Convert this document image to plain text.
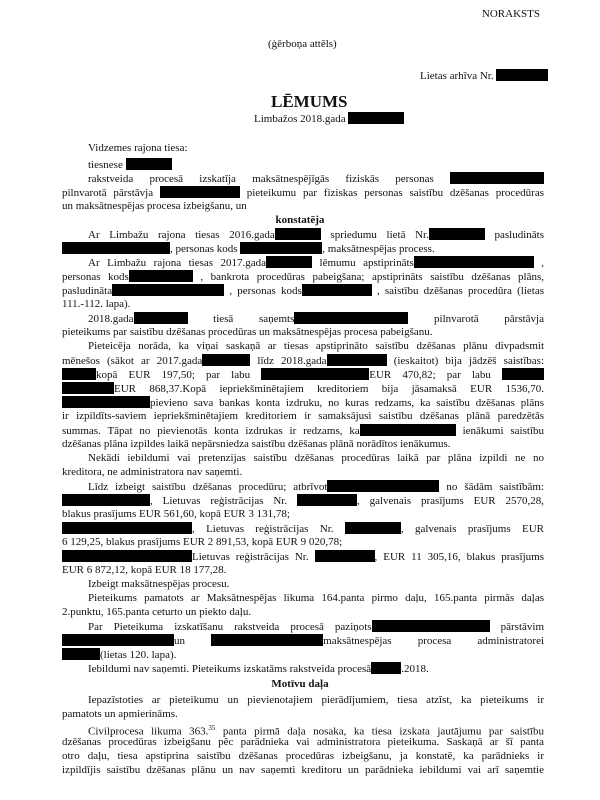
NORAKSTS
(ģērboņa attēls)
Lietas arhīva Nr.
LĒMUMS
Limbažos 2018.gada
Vidzemes rajona tiesa:
tiesnese
rakstveida procesā izskatīja maksātnespējīgās fiziskās personas
pilnvarotā pārstāvja	pieteikumu par fiziskas personas saistību dzēšanas procedūras
un maksātnespējas procesa izbeigšanu, un
konstatēja
Ar Limbažu rajona tiesas 2016.gada	spriedumu lietā Nr.	pasludināts
, personas kods	, maksātnespējas process.
Ar Limbažu rajona tiesas 2017.gada	lēmumu apstiprināts	,
personas kods	, bankrota procedūras pabeigšana; apstiprināts saistību dzēšanas plāns,
pasludināta	, personas kods	, saistību dzēšanas procedūra (lietas
111.-112. lapa).
2018.gada	tiesā saņemts	pilnvarotā pārstāvja
pieteikums par saistību dzēšanas procedūras un maksātnespējas procesa pabeigšanu.
Pieteicēja norāda, ka viņai saskaņā ar tiesas apstiprināto saistību dzēšanas plānu divpadsmit
mēnešos (sākot ar 2017.gada	līdz 2018.gada	(ieskaitot) bija jādzēš saistības:
kopā EUR 197,50; par labu	EUR 470,82; par labu
EUR 868,37.Kopā iepriekšminētajiem kreditoriem bija jāsamaksā EUR 1536,70.
pievieno sava bankas konta izdruku, no kuras redzams, ka saistību dzēšanas plāns
ir izpildīts-saviem iepriekšminētajiem kreditoriem ir samaksājusi saistību dzēšanas plānā paredzētās
summas. Tāpat no pievienotās konta izdrukas ir redzams, ka	ienākumi saistību
dzēšanas plāna izpildes laikā nepārsniedza saistību dzēšanas plānā norādītos ienākumus.
Nekādi iebildumi vai pretenzijas saistību dzēšanas procedūras laikā par plāna izpildi ne no
kreditora, ne administratora nav saņemti.
Līdz izbeigt saistību dzēšanas procedūru; atbrīvot	no šādām saistībām:
, Lietuvas reģistrācijas Nr.	, galvenais prasījums EUR 2570,28,
blakus prasījums EUR 561,60, kopā EUR 3 131,78;
, Lietuvas reģistrācijas Nr.	, galvenais prasījums EUR
6 129,25, blakus prasījums EUR 2 891,53, kopā EUR 9 020,78;
Lietuvas reģistrācijas Nr.	, EUR 11 305,16, blakus prasījums
EUR 6 872,12, kopā EUR 18 177,28.
Izbeigt maksātnespējas procesu.
Pieteikums pamatots ar Maksātnespējas likuma 164.panta pirmo daļu, 165.panta pirmās daļas
2.punktu, 165.panta ceturto un piekto daļu.
Par Pieteikuma izskatīšanu rakstveida procesā paziņots	pārstāvim
un	maksātnespējas procesa administratorei
(lietas 120. lapa).
Iebildumi nav saņemti. Pieteikums izskatāms rakstveida procesā	.2018.
Motīvu daļa
Iepazīstoties ar pieteikumu un pievienotajiem pierādījumiem, tiesa atzīst, ka pieteikums ir
pamatots un apmierināms.
Civilprocesa likuma 363.35 panta pirmā daļa nosaka, ka tiesa izskata jautājumu par saistību
dzēšanas procedūras izbeigšanu pēc parādnieka vai administratora pieteikuma. Saskaņā ar šī panta
otro daļu, tiesa apstiprina saistību dzēšanas procedūras izbeigšanu, ja konstatē, ka parādnieks ir
izpildījis saistību dzēšanas plānu un nav saņemti kreditoru un parādnieka iebildumi vai arī saņemtie
